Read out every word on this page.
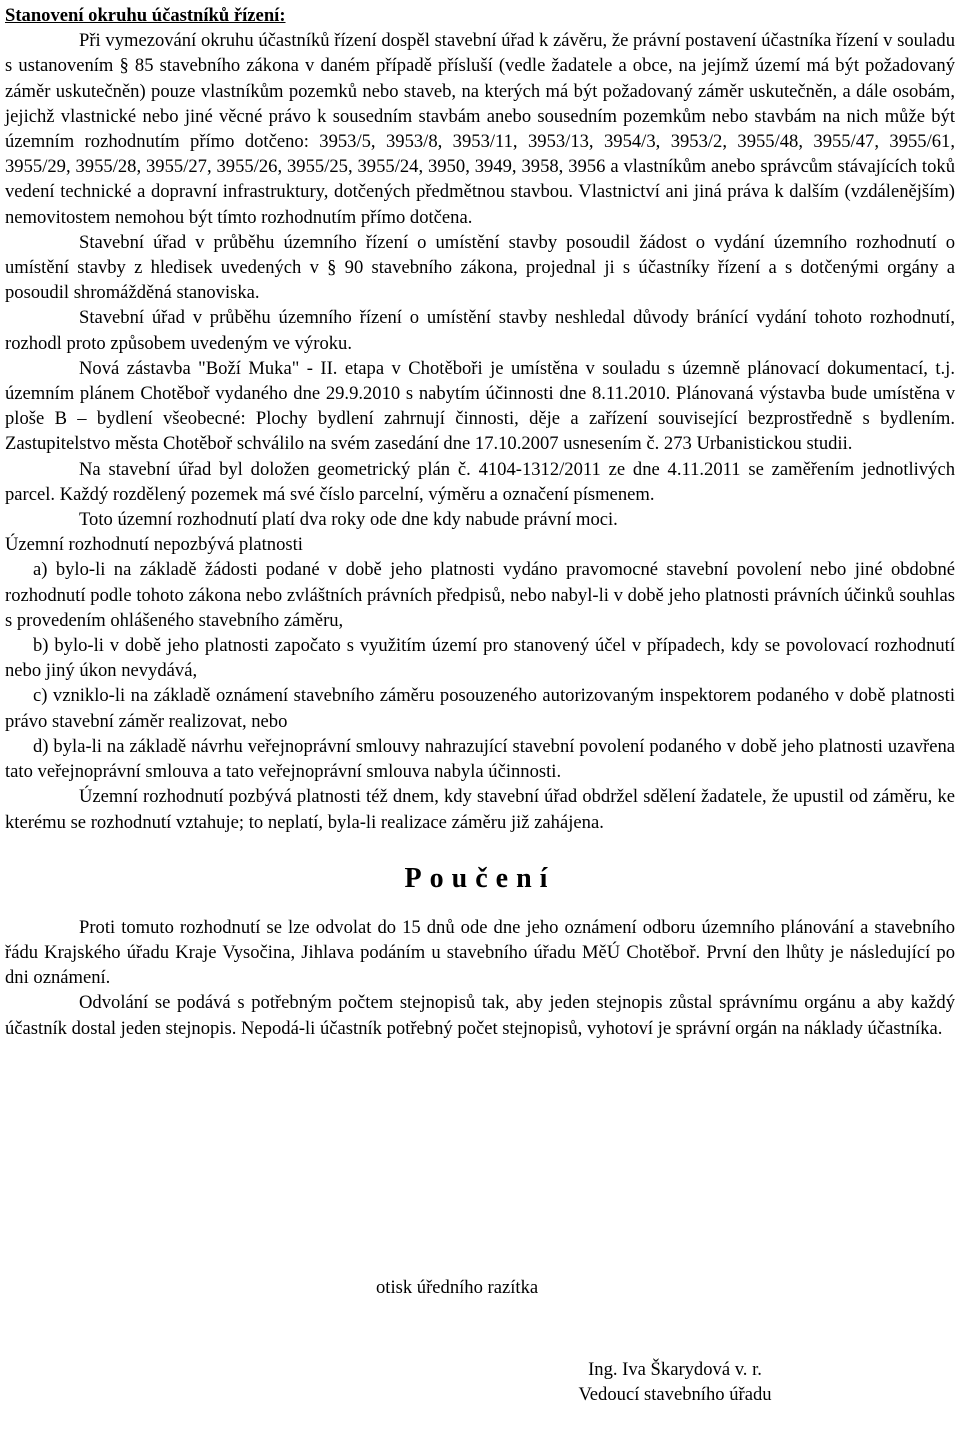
Stanovení okruhu účastníků řízení:

Při vymezování okruhu účastníků řízení dospěl stavební úřad k závěru, že právní postavení účastníka řízení v souladu s ustanovením § 85 stavebního zákona v daném případě přísluší (vedle žadatele a obce, na jejímž území má být požadovaný záměr uskutečněn) pouze vlastníkům pozemků nebo staveb, na kterých má být požadovaný záměr uskutečněn, a dále osobám, jejichž vlastnické nebo jiné věcné právo k sousedním stavbám anebo sousedním pozemkům nebo stavbám na nich může být územním rozhodnutím přímo dotčeno: 3953/5, 3953/8, 3953/11, 3953/13, 3954/3, 3953/2, 3955/48, 3955/47, 3955/61, 3955/29, 3955/28, 3955/27, 3955/26, 3955/25, 3955/24, 3950, 3949, 3958, 3956 a vlastníkům anebo správcům stávajících toků vedení technické a dopravní infrastruktury, dotčených předmětnou stavbou. Vlastnictví ani jiná práva k dalším (vzdálenějším) nemovitostem nemohou být tímto rozhodnutím přímo dotčena.

Stavební úřad v průběhu územního řízení o umístění stavby posoudil žádost o vydání územního rozhodnutí o umístění stavby z hledisek uvedených v § 90 stavebního zákona, projednal ji s účastníky řízení a s dotčenými orgány a posoudil shromážděná stanoviska.

Stavební úřad v průběhu územního řízení o umístění stavby neshledal důvody bránící vydání tohoto rozhodnutí, rozhodl proto způsobem uvedeným ve výroku.

Nová zástavba "Boží Muka" - II. etapa v Chotěboři je umístěna v souladu s územně plánovací dokumentací, t.j. územním plánem Chotěboř vydaného dne 29.9.2010 s nabytím účinnosti dne 8.11.2010. Plánovaná výstavba bude umístěna v ploše B – bydlení všeobecné: Plochy bydlení zahrnují činnosti, děje a zařízení související bezprostředně s bydlením. Zastupitelstvo města Chotěboř schválilo na svém zasedání dne 17.10.2007 usnesením č. 273 Urbanistickou studii.

Na stavební úřad byl doložen geometrický plán č. 4104-1312/2011 ze dne 4.11.2011 se zaměřením jednotlivých parcel. Každý rozdělený pozemek má své číslo parcelní, výměru a označení písmenem.

Toto územní rozhodnutí platí dva roky ode dne kdy nabude právní moci.

Územní rozhodnutí nepozbývá platnosti

a) bylo-li na základě žádosti podané v době jeho platnosti vydáno pravomocné stavební povolení nebo jiné obdobné rozhodnutí podle tohoto zákona nebo zvláštních právních předpisů, nebo nabyl-li v době jeho platnosti právních účinků souhlas s provedením ohlášeného stavebního záměru,

b) bylo-li v době jeho platnosti započato s využitím území pro stanovený účel v případech, kdy se povolovací rozhodnutí nebo jiný úkon nevydává,

c) vzniklo-li na základě oznámení stavebního záměru posouzeného autorizovaným inspektorem podaného v době platnosti právo stavební záměr realizovat, nebo

d) byla-li na základě návrhu veřejnoprávní smlouvy nahrazující stavební povolení podaného v době jeho platnosti uzavřena tato veřejnoprávní smlouva a tato veřejnoprávní smlouva nabyla účinnosti.

Územní rozhodnutí pozbývá platnosti též dnem, kdy stavební úřad obdržel sdělení žadatele, že upustil od záměru, ke kterému se rozhodnutí vztahuje; to neplatí, byla-li realizace záměru již zahájena.

Poučení

Proti tomuto rozhodnutí se lze odvolat do 15 dnů ode dne jeho oznámení odboru územního plánování a stavebního řádu Krajského úřadu Kraje Vysočina, Jihlava podáním u stavebního úřadu MěÚ Chotěboř. První den lhůty je následující po dni oznámení.

Odvolání se podává s potřebným počtem stejnopisů tak, aby jeden stejnopis zůstal správnímu orgánu a aby každý účastník dostal jeden stejnopis. Nepodá-li účastník potřebný počet stejnopisů, vyhotoví je správní orgán na náklady účastníka.

otisk úředního razítka
Ing. Iva Škarydová v. r.
Vedoucí stavebního úřadu
